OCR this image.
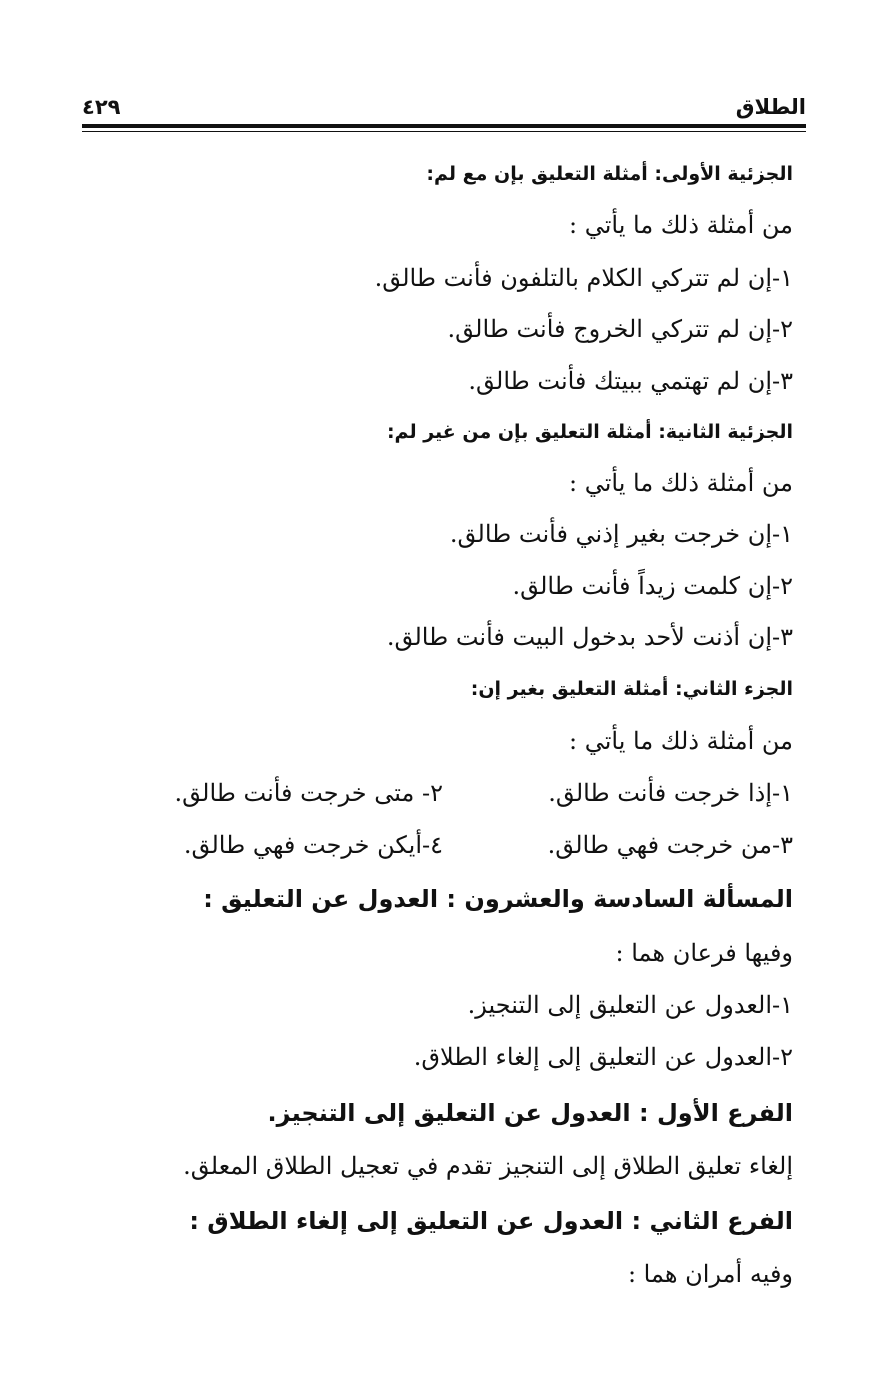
الطلاق
٤٢٩
الجزئية الأولى: أمثلة التعليق بإن مع لم:
من أمثلة ذلك ما يأتي :
١-إن لم تتركي الكلام بالتلفون فأنت طالق.
٢-إن لم تتركي الخروج فأنت طالق.
٣-إن لم تهتمي ببيتك فأنت طالق.
الجزئية الثانية: أمثلة التعليق بإن من غير لم:
من أمثلة ذلك ما يأتي :
١-إن خرجت بغير إذني فأنت طالق.
٢-إن كلمت زيداً فأنت طالق.
٣-إن أذنت لأحد بدخول البيت فأنت طالق.
الجزء الثاني: أمثلة التعليق بغير إن:
من أمثلة ذلك ما يأتي :
١-إذا خرجت فأنت طالق.
٢- متى خرجت فأنت طالق.
٣-من خرجت فهي طالق.
٤-أيكن خرجت فهي طالق.
المسألة السادسة والعشرون : العدول عن التعليق :
وفيها فرعان هما :
١-العدول عن التعليق إلى التنجيز.
٢-العدول عن التعليق إلى إلغاء الطلاق.
الفرع الأول : العدول عن التعليق إلى التنجيز.
إلغاء تعليق الطلاق إلى التنجيز تقدم في تعجيل الطلاق المعلق.
الفرع الثاني : العدول عن التعليق إلى إلغاء الطلاق :
وفيه أمران هما :
